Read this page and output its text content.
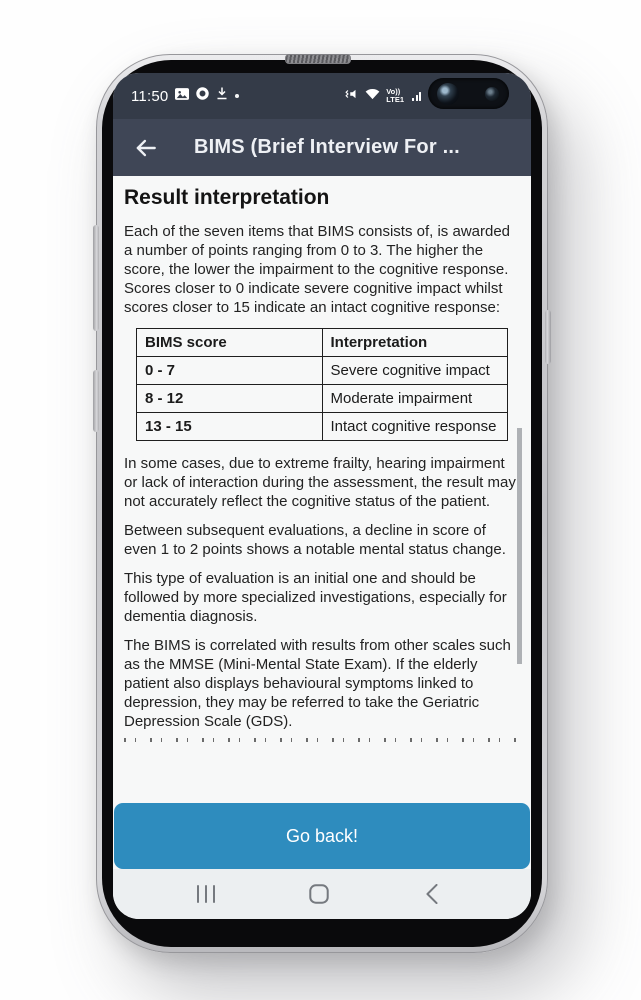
11:50	Vo))
LTE1
BIMS (Brief Interview For ...
Result interpretation

Each of the seven items that BIMS consists of, is awarded a number of points ranging from 0 to 3. The higher the score, the lower the impairment to the cognitive response. Scores closer to 0 indicate severe cognitive impact whilst scores closer to 15 indicate an intact cognitive response:

BIMS score	Interpretation
0 - 7	Severe cognitive impact
8 - 12	Moderate impairment
13 - 15	Intact cognitive response

In some cases, due to extreme frailty, hearing impairment or lack of interaction during the assessment, the result may not accurately reflect the cognitive status of the patient.

Between subsequent evaluations, a decline in score of even 1 to 2 points shows a notable mental status change.

This type of evaluation is an initial one and should be followed by more specialized investigations, especially for dementia diagnosis.

The BIMS is correlated with results from other scales such as the MMSE (Mini-Mental State Exam). If the elderly patient also displays behavioural symptoms linked to depression, they may be referred to take the Geriatric Depression Scale (GDS).

Go back!
